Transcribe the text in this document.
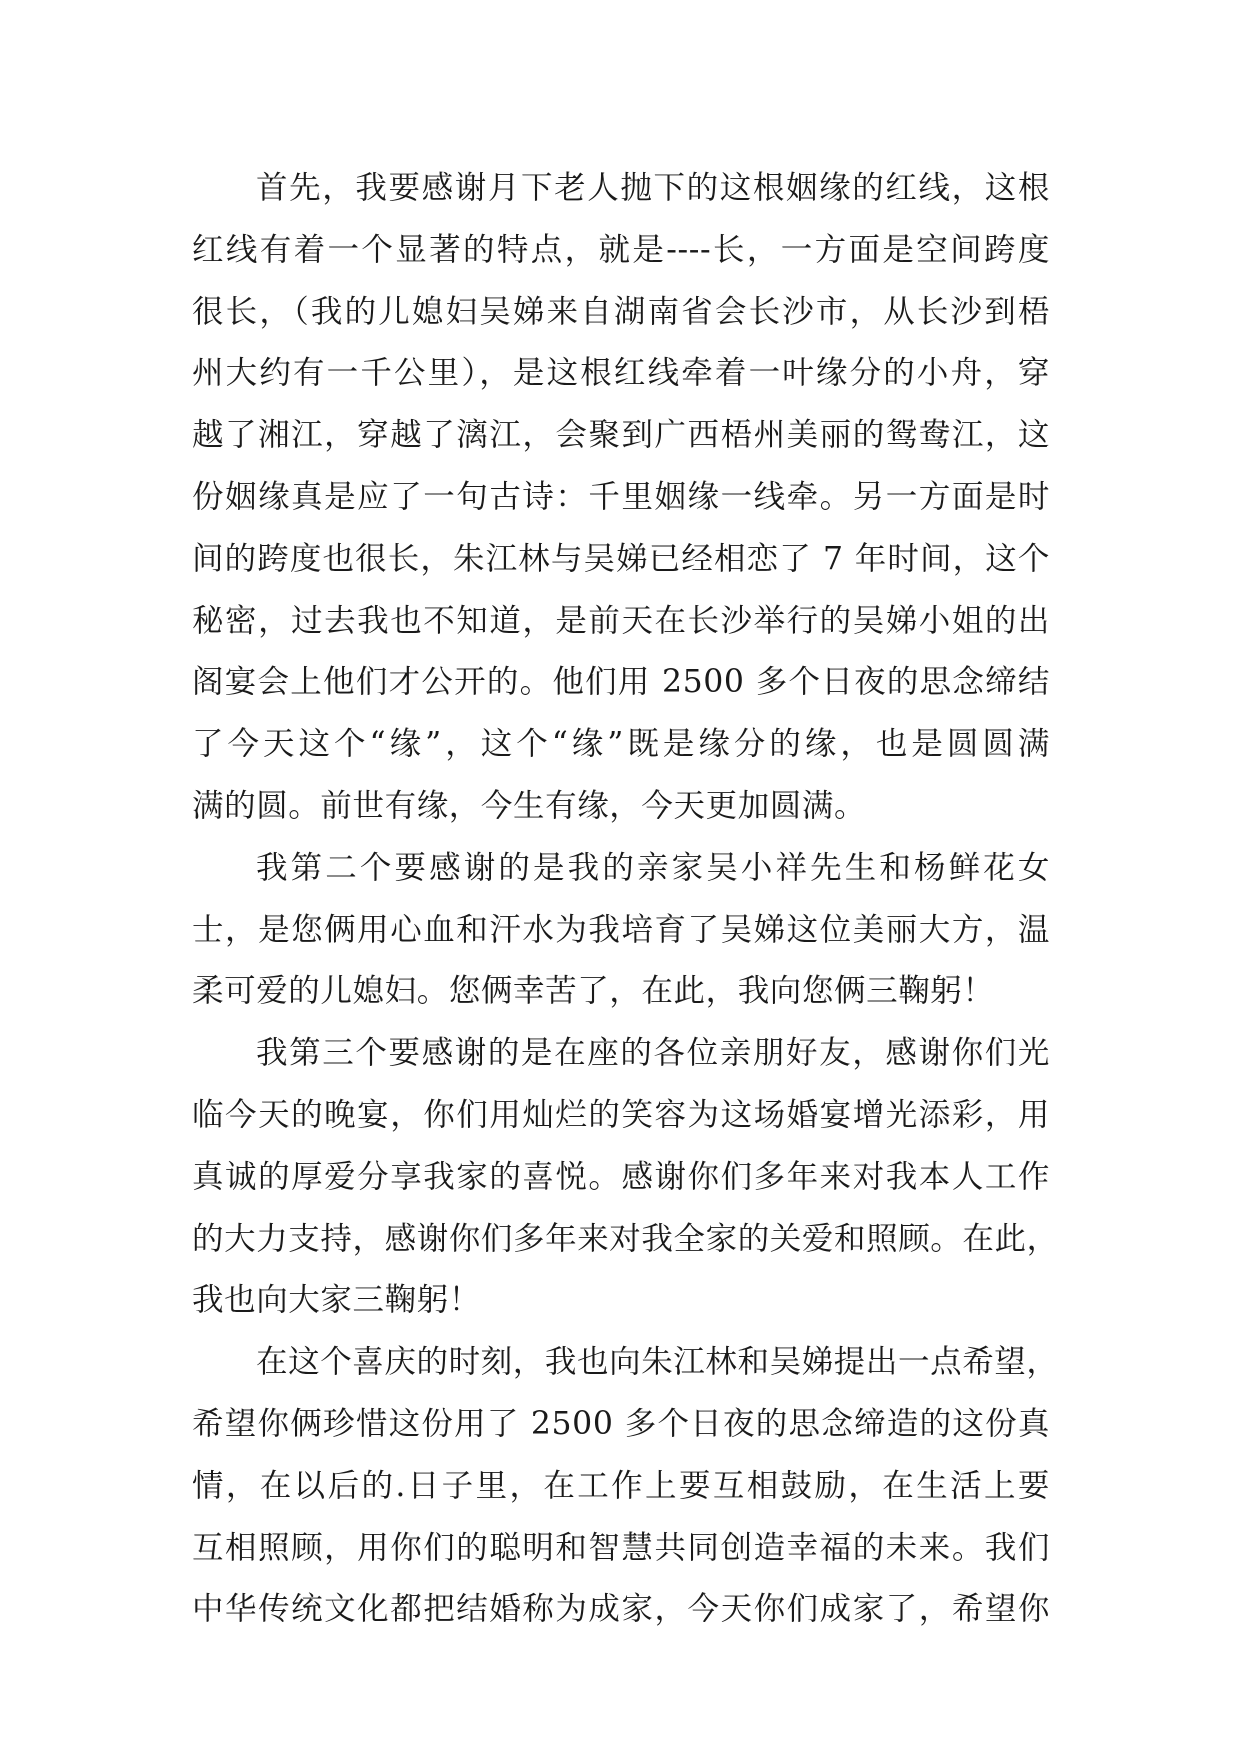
首先，我要感谢月下老人抛下的这根姻缘的红线，这根
红线有着一个显著的特点，就是----长，一方面是空间跨度
很长，（我的儿媳妇吴娣来自湖南省会长沙市，从长沙到梧
州大约有一千公里），是这根红线牵着一叶缘分的小舟，穿
越了湘江，穿越了漓江，会聚到广西梧州美丽的鸳鸯江，这
份姻缘真是应了一句古诗：千里姻缘一线牵。另一方面是时
间的跨度也很长，朱江林与吴娣已经相恋了 7 年时间，这个
秘密，过去我也不知道，是前天在长沙举行的吴娣小姐的出
阁宴会上他们才公开的。他们用 2500 多个日夜的思念缔结
了今天这个“缘”，这个“缘”既是缘分的缘，也是圆圆满
满的圆。前世有缘，今生有缘，今天更加圆满。
我第二个要感谢的是我的亲家吴小祥先生和杨鲜花女
士，是您俩用心血和汗水为我培育了吴娣这位美丽大方，温
柔可爱的儿媳妇。您俩幸苦了，在此，我向您俩三鞠躬！
我第三个要感谢的是在座的各位亲朋好友，感谢你们光
临今天的晚宴，你们用灿烂的笑容为这场婚宴增光添彩，用
真诚的厚爱分享我家的喜悦。感谢你们多年来对我本人工作
的大力支持，感谢你们多年来对我全家的关爱和照顾。在此，
我也向大家三鞠躬！
在这个喜庆的时刻，我也向朱江林和吴娣提出一点希望，
希望你俩珍惜这份用了 2500 多个日夜的思念缔造的这份真
情，在以后的.日子里，在工作上要互相鼓励，在生活上要
互相照顾，用你们的聪明和智慧共同创造幸福的未来。我们
中华传统文化都把结婚称为成家，今天你们成家了，希望你
